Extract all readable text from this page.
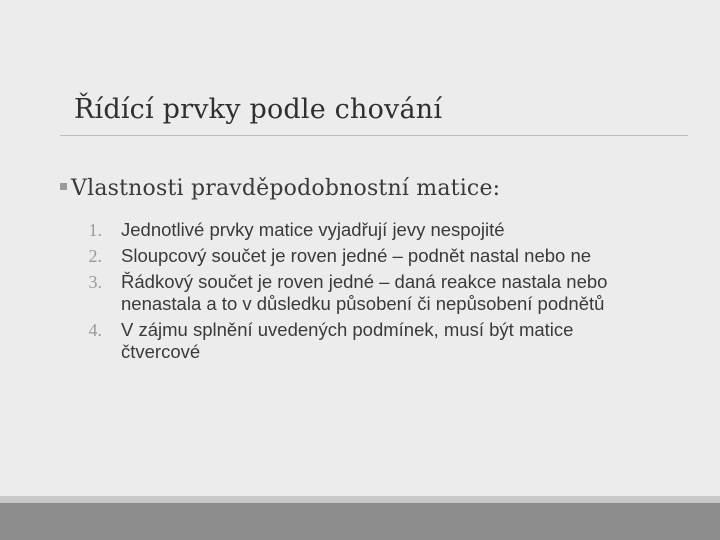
Řídící prvky podle chování
Vlastnosti pravděpodobnostní matice:
1. Jednotlivé prvky matice vyjadřují jevy nespojité
2. Sloupcový součet je roven jedné – podnět nastal nebo ne
3. Řádkový součet je roven jedné – daná reakce nastala nebo nenastala a to v důsledku působení či nepůsobení podnětů
4. V zájmu splnění uvedených podmínek, musí být matice čtvercové
